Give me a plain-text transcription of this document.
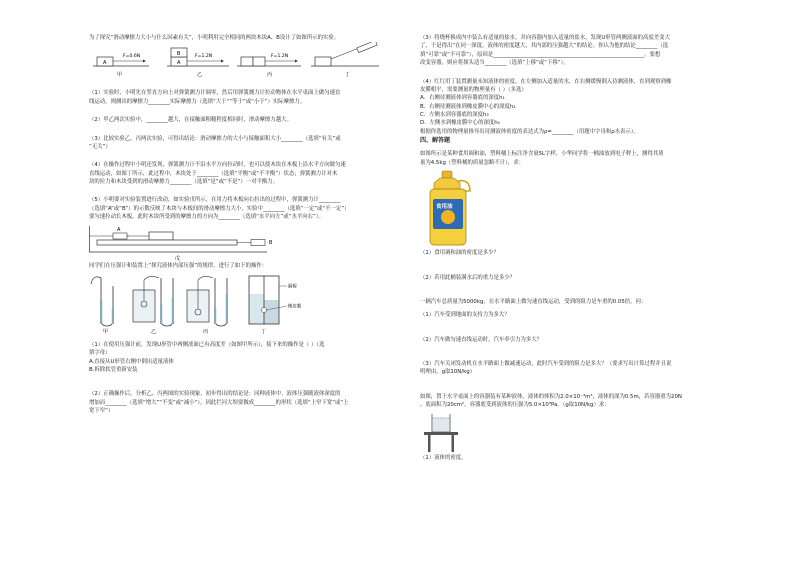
为了探究“滑动摩擦力大小与什么因素有关”，小明利用完全相同的两块木块A、B设计了如图所示的实验。

A
F=0.6N
甲
A
B	F=1.2N
乙
F=1.2N
丙	丁

（1）实验时，小明先在竖直方向上对弹簧测力计调零，然后用弹簧测力计拉动物体在水平桌面上做匀速直

线运动，则测出的摩擦力________实际摩擦力（选填“大于”“等于”或“小于”）实际摩擦力。

（2）甲乙两次实验中，________越大，在接触面粗糙程度相同时，滑动摩擦力越大。

（3）比较实验乙、丙两次实验，可得出结论：滑动摩擦力的大小与接触面积大小________（选填“有关”或

“无关”）

（4）在操作过程中小明还发现，弹簧测力计不沿水平方向拉动时，也可以使木块在木板上沿水平方向做匀速

直线运动，如图丁所示，此过程中，木块处于________（选填“平衡”或“不平衡”）状态；弹簧测力计对木

块的拉力和木块受到的滑动摩擦力________（选填“是”或“不是”）一对平衡力。

（5）小明要对实验装置进行改动，如实验戊所示，在用力将木板向右拉出的过程中，弹簧测力计________

（选填“A”或“B”）的示数反映了木块与木板间的滑动摩擦力大小，实验中________（选填“一定”或“不一定”）

要匀速拉动长木板，此时木块所受到的摩擦力的方向为________（选填“水平向左”或“水平向右”）。

A
B
戊

同学们在压强计和装置上“探究液体内部压强”的规律，进行了如下的操作：

甲	乙	丙
隔板
橡皮膜
丁

（1）在使用压强计前，发现U形管中两侧液面已有高度差（如图甲所示），接下来的操作是（ ）（选

填字母）

A.直接从U形管右侧中倒出适量液体

B.拆除软管重新安装

（2）正确操作后，分析乙、丙两图的实验现象，初步得出的结论是：同种液体中，液体压强随液体深度的

增加而________（选填“增大”“不变”或“减小”），因此拦河大坝要做成________的形状（选填“上窄下宽”或“上

宽下窄”）

（3）将烧杯换成内中装么有适量的盐水，并向容器内加入适量的盐水，发现U形管两侧液面的高度差变大

了，于是得出“在同一深度，液体的密度越大，其内部的压强越大”的结论。你认为他的结论________（选

填“可靠”或“不可靠”），原因是________________________________________________________。要想

改变容器，则应将探头适当________（选填“上移”或“下移”）。

（4）红红用丁装置测量未知液体的密度，在左侧加入适量的水，在右侧缓慢倒入待测液体，直到观察到橡

皮膜相平，需要测量的物理量有（ ）（多选）

A．右侧待测液体到容器底的深度h₁

B．右侧待测液体到橡皮膜中心的深度h₂

C．左侧水到容器底的深度h₃

D．左侧水到橡皮膜中心的深度h₄

根据你选用的物理量推导出待测液体密度的表达式为ρ=________（用题中字母和ρ水表示）。

四、解答题

如图所示是某种食用调和油，塑料桶上标注净含量5L字样，小华同学将一桶油放到电子秤上，测得其质

量为4.5kg（塑料桶的质量忽略不计），求：

食用油

（1）食用调和油的密度是多少？

（2）若用此桶装满水后的重力是多少？

一辆汽车总质量为5000kg，在水平路面上做匀速直线运动，受到的阻力是车重的0.05倍，问：

（1）汽车受到地面的支持力为多大？

（2）汽车做匀速直线运动时，汽车牵引力为多大？

（3）汽车关闭发动机在水平路面上做减速运动，此时汽车受到的阻力是多大？（要求写出计算过程并且说

明理由，g取10N/kg）

如图，置于水平桌面上的容器装有某种液体，液体的体积为2.0×10⁻³m³，液体的深为0.5m，若容器重为20N

、底面积为20cm²，容器底受到液体的压强为5.0×10³Pa。（g取10N/kg）求：

（1）液体的密度。
